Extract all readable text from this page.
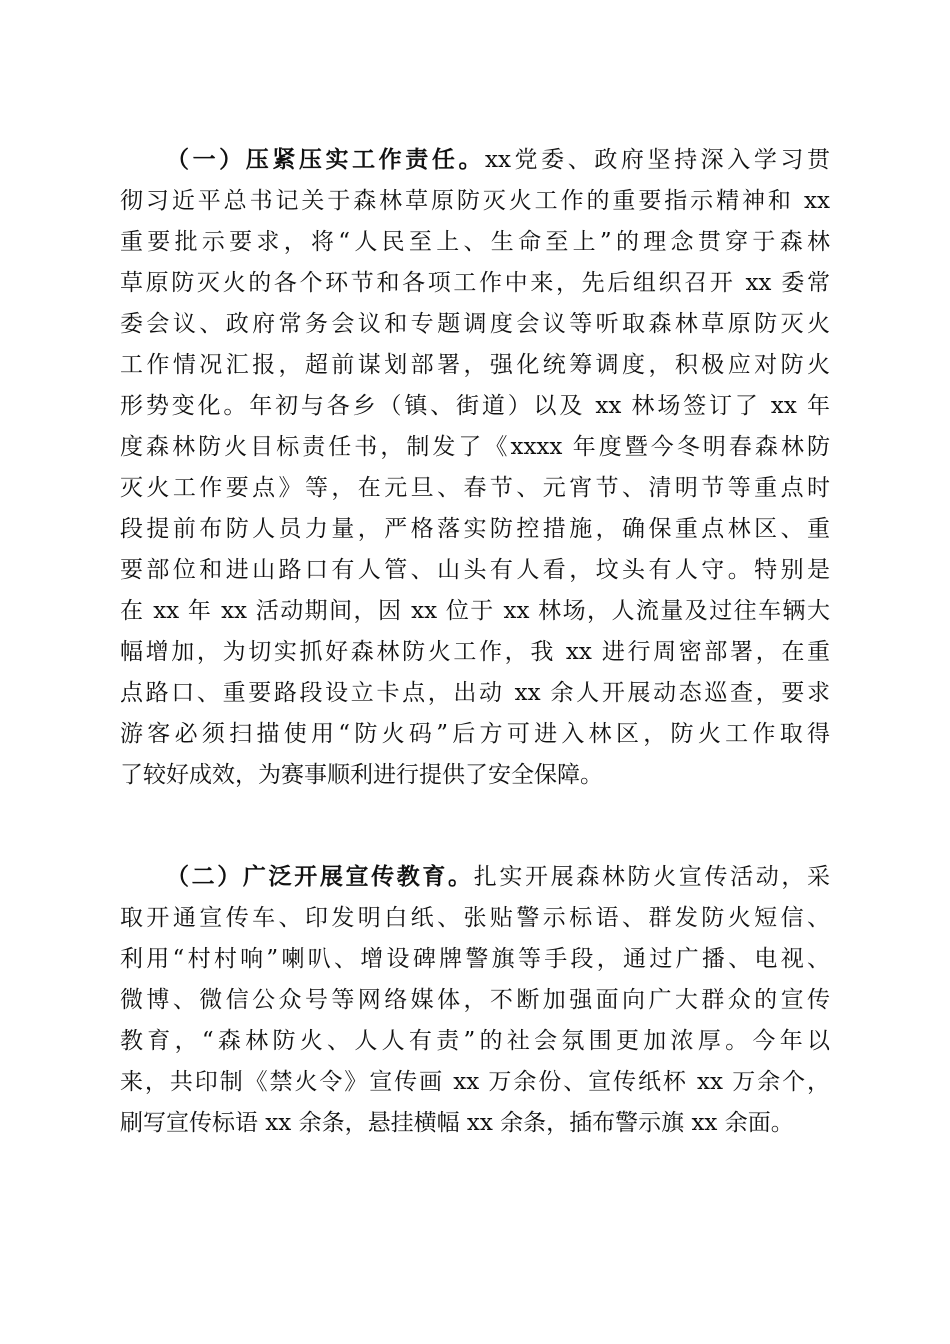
（一）压紧压实工作责任。xx党委、政府坚持深入学习贯
彻习近平总书记关于森林草原防灭火工作的重要指示精神和 xx
重要批示要求，将“人民至上、生命至上”的理念贯穿于森林
草原防灭火的各个环节和各项工作中来，先后组织召开 xx 委常
委会议、政府常务会议和专题调度会议等听取森林草原防灭火
工作情况汇报，超前谋划部署，强化统筹调度，积极应对防火
形势变化。年初与各乡（镇、街道）以及 xx 林场签订了 xx 年
度森林防火目标责任书，制发了《xxxx 年度暨今冬明春森林防
灭火工作要点》等，在元旦、春节、元宵节、清明节等重点时
段提前布防人员力量，严格落实防控措施，确保重点林区、重
要部位和进山路口有人管、山头有人看，坟头有人守。特别是
在 xx 年 xx 活动期间，因 xx 位于 xx 林场，人流量及过往车辆大
幅增加，为切实抓好森林防火工作，我 xx 进行周密部署，在重
点路口、重要路段设立卡点，出动 xx 余人开展动态巡查，要求
游客必须扫描使用“防火码”后方可进入林区，防火工作取得
了较好成效，为赛事顺利进行提供了安全保障。
（二）广泛开展宣传教育。扎实开展森林防火宣传活动，采
取开通宣传车、印发明白纸、张贴警示标语、群发防火短信、
利用“村村响”喇叭、增设碑牌警旗等手段，通过广播、电视、
微博、微信公众号等网络媒体，不断加强面向广大群众的宣传
教育，“森林防火、人人有责”的社会氛围更加浓厚。今年以
来，共印制《禁火令》宣传画 xx 万余份、宣传纸杯 xx 万余个，
刷写宣传标语 xx 余条，悬挂横幅 xx 余条，插布警示旗 xx 余面。
